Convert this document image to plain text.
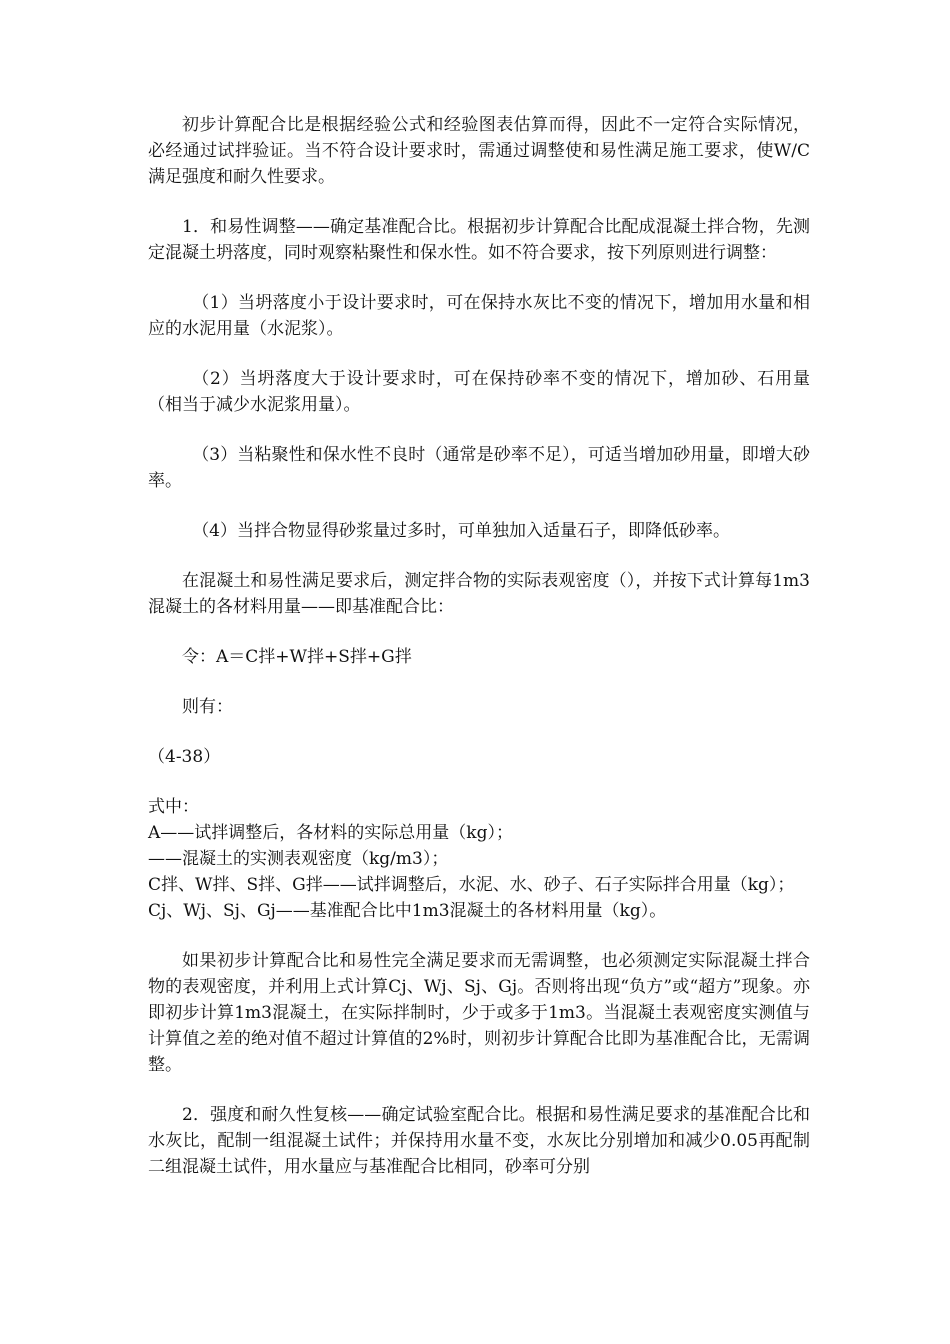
初步计算配合比是根据经验公式和经验图表估算而得，因此不一定符合实际情况，必经通过试拌验证。当不符合设计要求时，需通过调整使和易性满足施工要求，使W/C满足强度和耐久性要求。

1．和易性调整——确定基准配合比。根据初步计算配合比配成混凝土拌合物，先测定混凝土坍落度，同时观察粘聚性和保水性。如不符合要求，按下列原则进行调整：

（1）当坍落度小于设计要求时，可在保持水灰比不变的情况下，增加用水量和相应的水泥用量（水泥浆）。

（2）当坍落度大于设计要求时，可在保持砂率不变的情况下，增加砂、石用量（相当于减少水泥浆用量）。

（3）当粘聚性和保水性不良时（通常是砂率不足），可适当增加砂用量，即增大砂率。

（4）当拌合物显得砂浆量过多时，可单独加入适量石子，即降低砂率。

在混凝土和易性满足要求后，测定拌合物的实际表观密度（），并按下式计算每1m3混凝土的各材料用量——即基准配合比：

令：A＝C拌+W拌+S拌+G拌

则有：

（4-38）

式中：

A——试拌调整后，各材料的实际总用量（kg）；

——混凝土的实测表观密度（kg/m3）；

C拌、W拌、S拌、G拌——试拌调整后，水泥、水、砂子、石子实际拌合用量（kg）；

Cj、Wj、Sj、Gj——基准配合比中1m3混凝土的各材料用量（kg）。

如果初步计算配合比和易性完全满足要求而无需调整，也必须测定实际混凝土拌合物的表观密度，并利用上式计算Cj、Wj、Sj、Gj。否则将出现“负方”或“超方”现象。亦即初步计算1m3混凝土，在实际拌制时，少于或多于1m3。当混凝土表观密度实测值与计算值之差的绝对值不超过计算值的2%时，则初步计算配合比即为基准配合比，无需调整。

2．强度和耐久性复核——确定试验室配合比。根据和易性满足要求的基准配合比和水灰比，配制一组混凝土试件；并保持用水量不变，水灰比分别增加和减少0.05再配制二组混凝土试件，用水量应与基准配合比相同，砂率可分别
